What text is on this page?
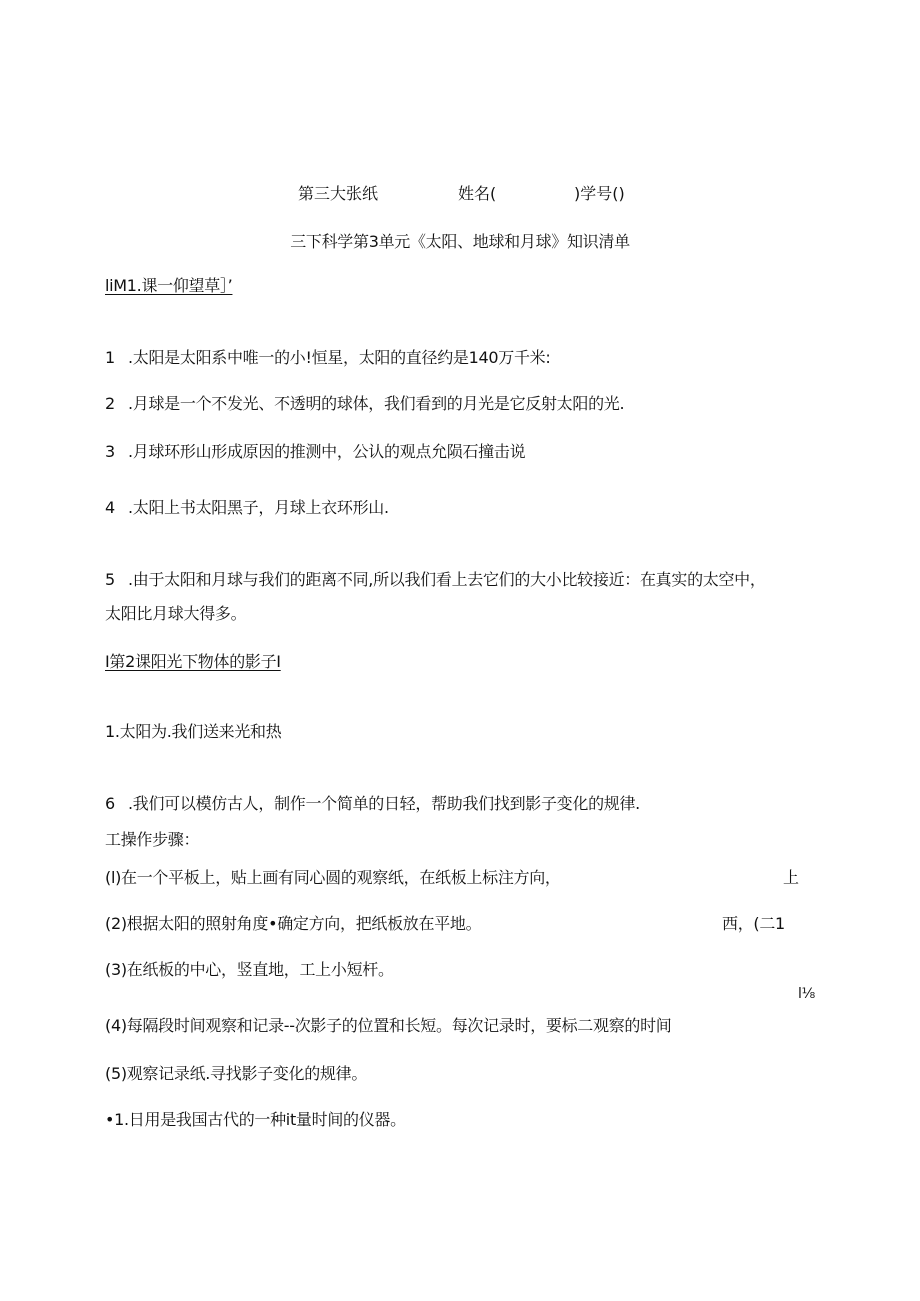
第三大张纸	姓名(	)学号()
三下科学第3单元《太阳、地球和月球》知识清单
liM1.课一仰望草］’
1 .太阳是太阳系中唯一的小!恒星，太阳的直径约是140万千米:
2 .月球是一个不发光、不透明的球体，我们看到的月光是它反射太阳的光.
3 .月球环形山形成原因的推测中，公认的观点允陨石撞击说
4 .太阳上书太阳黑子，月球上衣环形山.
5 .由于太阳和月球与我们的距离不同,所以我们看上去它们的大小比较接近：在真实的太空中，
太阳比月球大得多。
I第2课阳光下物体的影子I
1.太阳为.我们送来光和热
6 .我们可以模仿古人，制作一个简单的日轻，帮助我们找到影子变化的规律.
工操作步骤：
(l)在一个平板上，贴上画有同心圆的观察纸，在纸板上标注方向，	上
(2)根据太阳的照射角度•确定方向，把纸板放在平地。	西，(二1
(3)在纸板的中心，竖直地，工上小短杆。
l⅛
(4)每隔段时间观察和记录--次影子的位置和长短。每次记录时，要标二观察的时间
(5)观察记录纸.寻找影子变化的规律。
•1.日用是我国古代的一种it量时间的仪器。
